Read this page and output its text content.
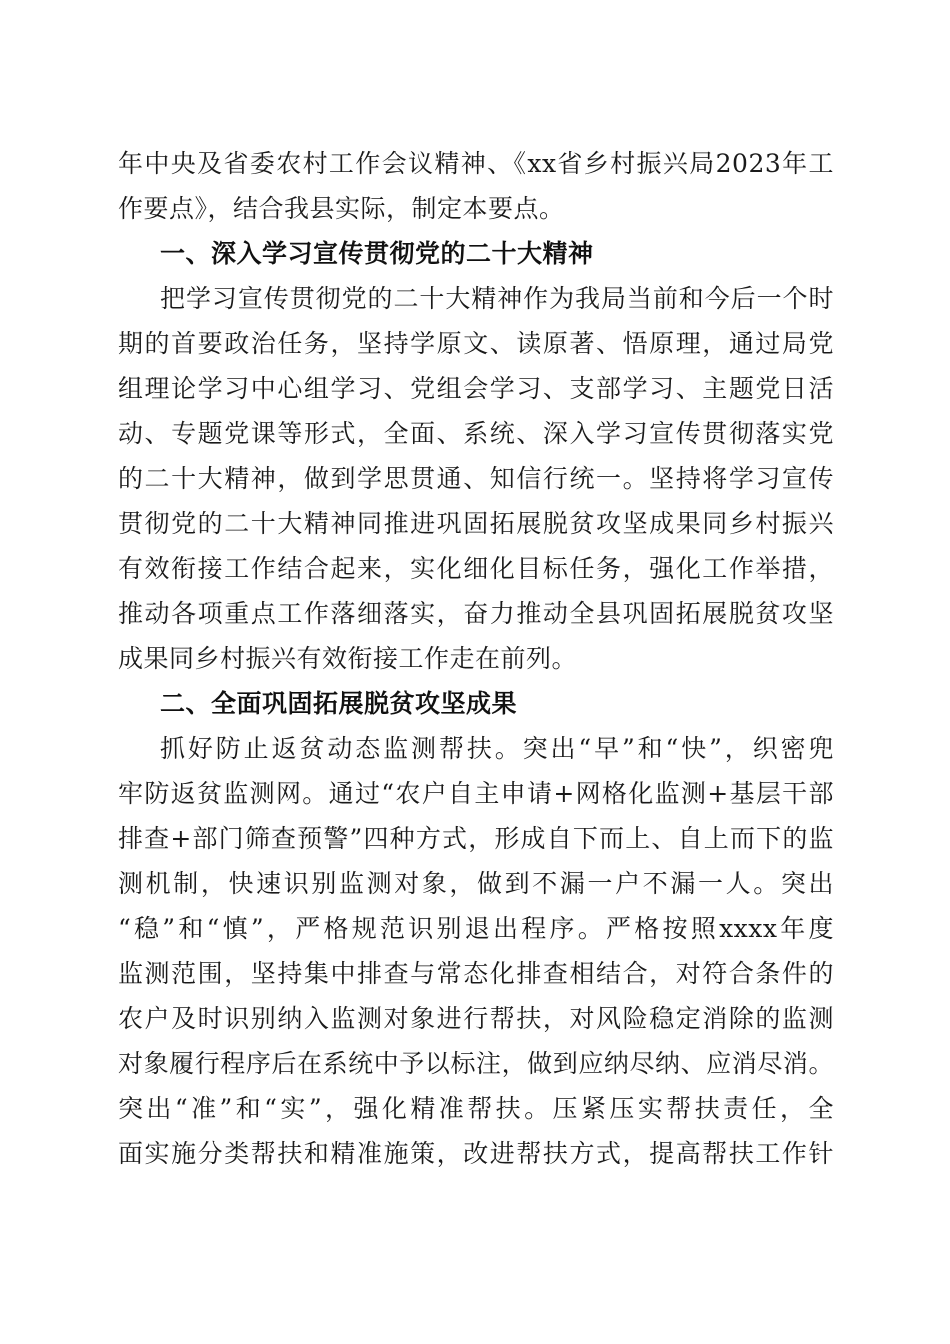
年中央及省委农村工作会议精神、《xx省乡村振兴局2023年工
作要点》，结合我县实际，制定本要点。
一、深入学习宣传贯彻党的二十大精神
把学习宣传贯彻党的二十大精神作为我局当前和今后一个时
期的首要政治任务，坚持学原文、读原著、悟原理，通过局党
组理论学习中心组学习、党组会学习、支部学习、主题党日活
动、专题党课等形式，全面、系统、深入学习宣传贯彻落实党
的二十大精神，做到学思贯通、知信行统一。坚持将学习宣传
贯彻党的二十大精神同推进巩固拓展脱贫攻坚成果同乡村振兴
有效衔接工作结合起来，实化细化目标任务，强化工作举措，
推动各项重点工作落细落实，奋力推动全县巩固拓展脱贫攻坚
成果同乡村振兴有效衔接工作走在前列。
二、全面巩固拓展脱贫攻坚成果
抓好防止返贫动态监测帮扶。突出“早”和“快”，织密兜
牢防返贫监测网。通过“农户自主申请+网格化监测+基层干部
排查+部门筛查预警”四种方式，形成自下而上、自上而下的监
测机制，快速识别监测对象，做到不漏一户不漏一人。突出
“稳”和“慎”，严格规范识别退出程序。严格按照xxxx年度
监测范围，坚持集中排查与常态化排查相结合，对符合条件的
农户及时识别纳入监测对象进行帮扶，对风险稳定消除的监测
对象履行程序后在系统中予以标注，做到应纳尽纳、应消尽消。
突出“准”和“实”，强化精准帮扶。压紧压实帮扶责任，全
面实施分类帮扶和精准施策，改进帮扶方式，提高帮扶工作针
